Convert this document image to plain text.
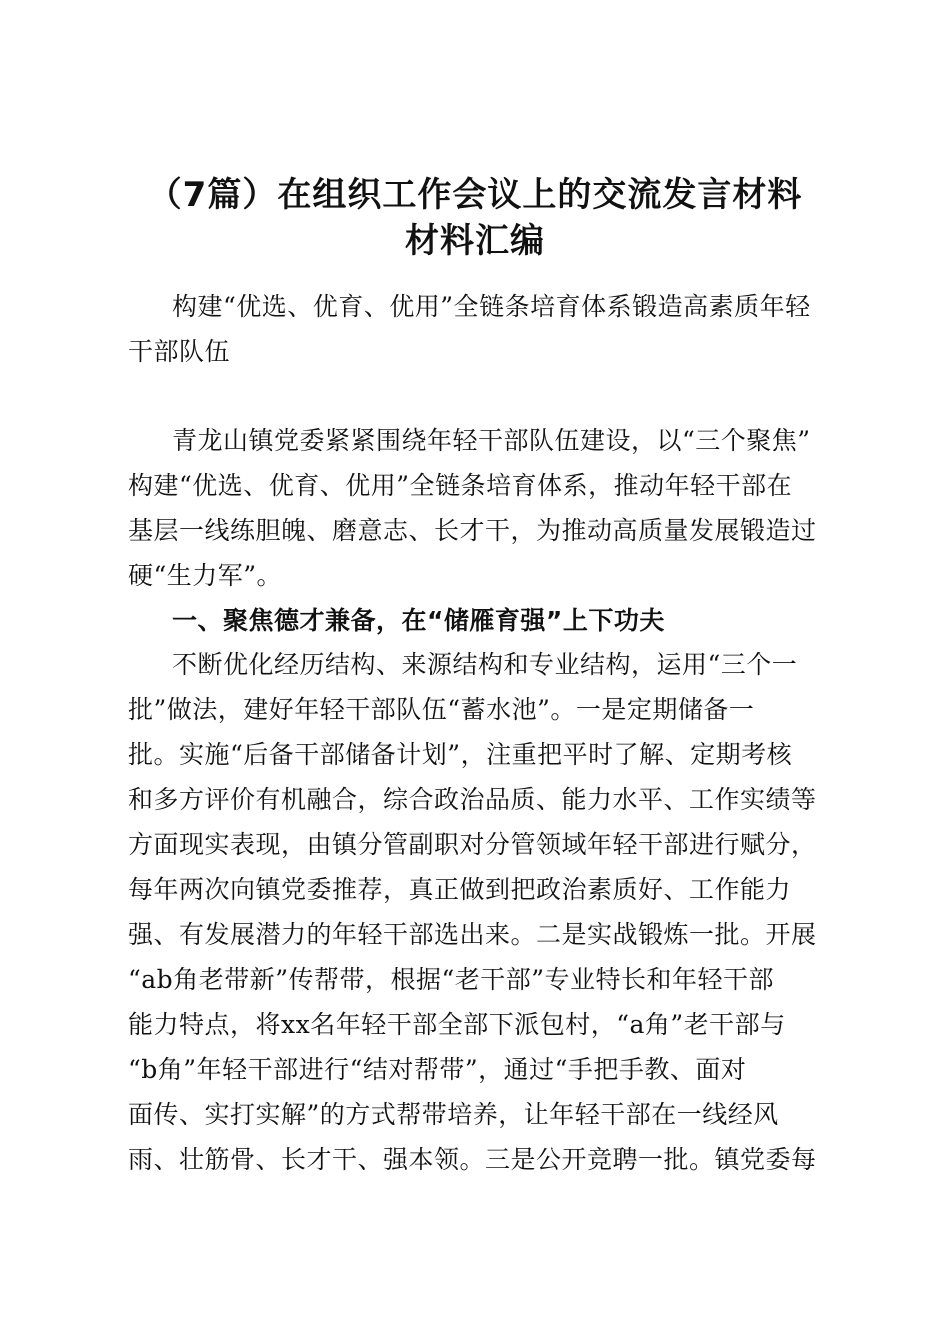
（7篇）在组织工作会议上的交流发言材料
材料汇编
构建“优选、优育、优用”全链条培育体系锻造高素质年轻
干部队伍
青龙山镇党委紧紧围绕年轻干部队伍建设，以“三个聚焦”
构建“优选、优育、优用”全链条培育体系，推动年轻干部在
基层一线练胆魄、磨意志、长才干，为推动高质量发展锻造过
硬“生力军”。
一、聚焦德才兼备，在“储雁育强”上下功夫
不断优化经历结构、来源结构和专业结构，运用“三个一
批”做法，建好年轻干部队伍“蓄水池”。一是定期储备一
批。实施“后备干部储备计划”，注重把平时了解、定期考核
和多方评价有机融合，综合政治品质、能力水平、工作实绩等
方面现实表现，由镇分管副职对分管领域年轻干部进行赋分，
每年两次向镇党委推荐，真正做到把政治素质好、工作能力
强、有发展潜力的年轻干部选出来。二是实战锻炼一批。开展
“ab角老带新”传帮带，根据“老干部”专业特长和年轻干部
能力特点，将xx名年轻干部全部下派包村，“a角”老干部与
“b角”年轻干部进行“结对帮带”，通过“手把手教、面对
面传、实打实解”的方式帮带培养，让年轻干部在一线经风
雨、壮筋骨、长才干、强本领。三是公开竞聘一批。镇党委每
